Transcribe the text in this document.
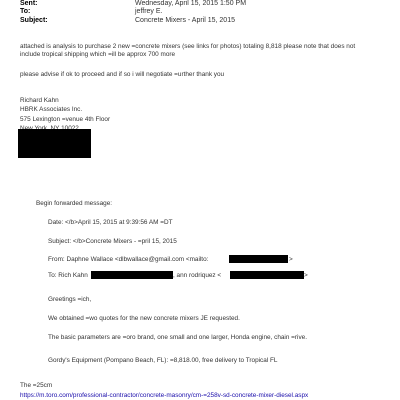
Sent:	Wednesday, April 15, 2015 1:50 PM
To:	jeffrey E.
Subject:	Concrete Mixers - April 15, 2015
attached is analysis to purchase 2 new =concrete mixers (see links for photos) totaling 8,818 please note that does not
include tropical shipping which =ill be approx 700 more
please advise if ok to proceed and if so i will negotiate =urther thank you
Richard Kahn
HBRK Associates Inc.
575 Lexington =venue 4th Floor
Begin forwarded message:
Date: </b>April 15, 2015 at 9:39:56 AM =DT
Subject: </b>Concrete Mixers - =pril 15, 2015
From: Daphne Wallace <dlbwallace@gmail.com <mailto:	>
To: Rich Kahn	, ann rodriquez <	>
Greetings =ich,
We obtained =wo quotes for the new concrete mixers JE requested.
The basic parameters are =oro brand, one small and one larger, Honda engine, chain =rive.
Gordy's Equipment (Pompano Beach, FL): =8,818.00, free delivery to Tropical FL
The =25cm
https://m.toro.com/professional-contractor/concrete-masonry/cm-=258v-sd-concrete-mixer-diesel.aspx
